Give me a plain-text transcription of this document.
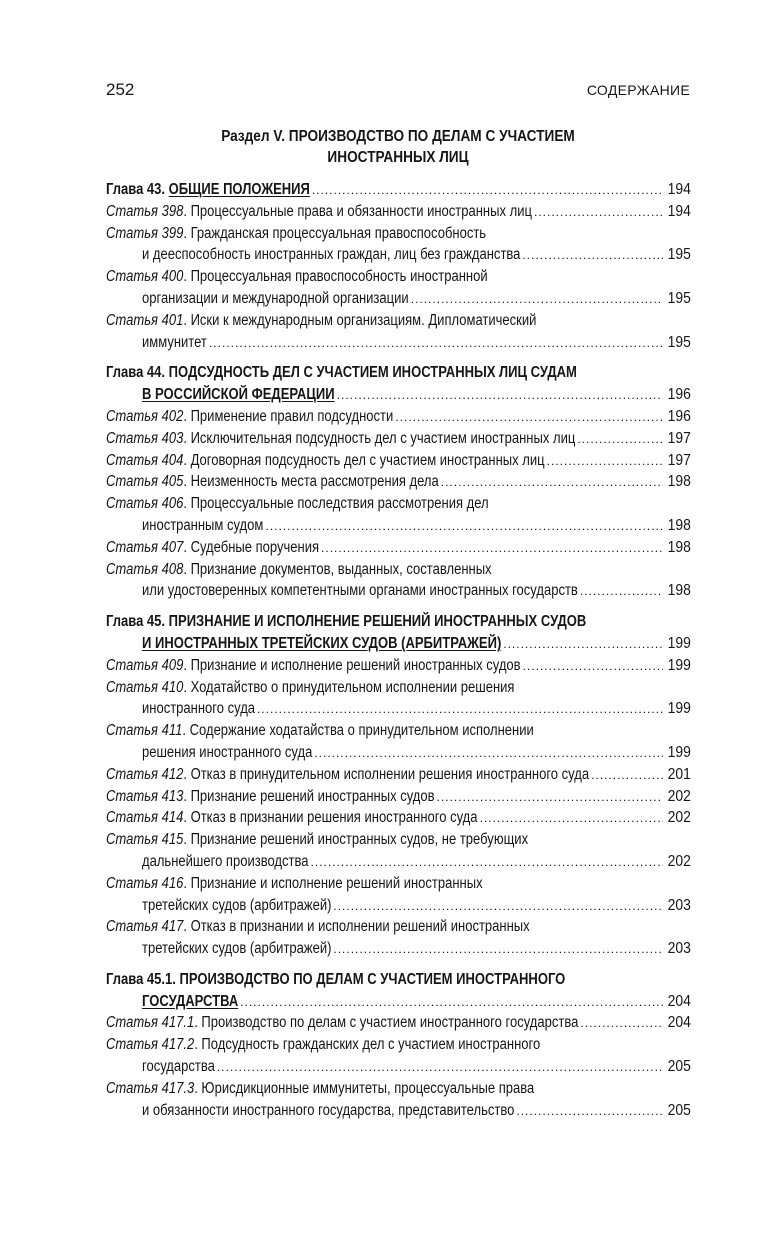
252	СОДЕРЖАНИЕ
Раздел V. ПРОИЗВОДСТВО ПО ДЕЛАМ С УЧАСТИЕМ
ИНОСТРАННЫХ ЛИЦ
Глава 43. ОБЩИЕ ПОЛОЖЕНИЯ .....	194
Статья 398. Процессуальные права и обязанности иностранных лиц .....	194
Статья 399. Гражданская процессуальная правоспособность
и дееспособность иностранных граждан, лиц без гражданства .....	195
Статья 400. Процессуальная правоспособность иностранной
организации и международной организации .....	195
Статья 401. Иски к международным организациям. Дипломатический
иммунитет .....	195
Глава 44. ПОДСУДНОСТЬ ДЕЛ С УЧАСТИЕМ ИНОСТРАННЫХ ЛИЦ СУДАМ
В РОССИЙСКОЙ ФЕДЕРАЦИИ .....	196
Статья 402. Применение правил подсудности .....	196
Статья 403. Исключительная подсудность дел с участием иностранных лиц .....	197
Статья 404. Договорная подсудность дел с участием иностранных лиц .....	197
Статья 405. Неизменность места рассмотрения дела .....	198
Статья 406. Процессуальные последствия рассмотрения дел
иностранным судом .....	198
Статья 407. Судебные поручения .....	198
Статья 408. Признание документов, выданных, составленных
или удостоверенных компетентными органами иностранных государств .....	198
Глава 45. ПРИЗНАНИЕ И ИСПОЛНЕНИЕ РЕШЕНИЙ ИНОСТРАННЫХ СУДОВ
И ИНОСТРАННЫХ ТРЕТЕЙСКИХ СУДОВ (АРБИТРАЖЕЙ) .....	199
Статья 409. Признание и исполнение решений иностранных судов .....	199
Статья 410. Ходатайство о принудительном исполнении решения
иностранного суда .....	199
Статья 411. Содержание ходатайства о принудительном исполнении
решения иностранного суда .....	199
Статья 412. Отказ в принудительном исполнении решения иностранного суда .....	201
Статья 413. Признание решений иностранных судов .....	202
Статья 414. Отказ в признании решения иностранного суда .....	202
Статья 415. Признание решений иностранных судов, не требующих
дальнейшего производства .....	202
Статья 416. Признание и исполнение решений иностранных
третейских судов (арбитражей) .....	203
Статья 417. Отказ в признании и исполнении решений иностранных
третейских судов (арбитражей) .....	203
Глава 45.1. ПРОИЗВОДСТВО ПО ДЕЛАМ С УЧАСТИЕМ ИНОСТРАННОГО
ГОСУДАРСТВА .....	204
Статья 417.1. Производство по делам с участием иностранного государства .....	204
Статья 417.2. Подсудность гражданских дел с участием иностранного
государства .....	205
Статья 417.3. Юрисдикционные иммунитеты, процессуальные права
и обязанности иностранного государства, представительство .....	205
